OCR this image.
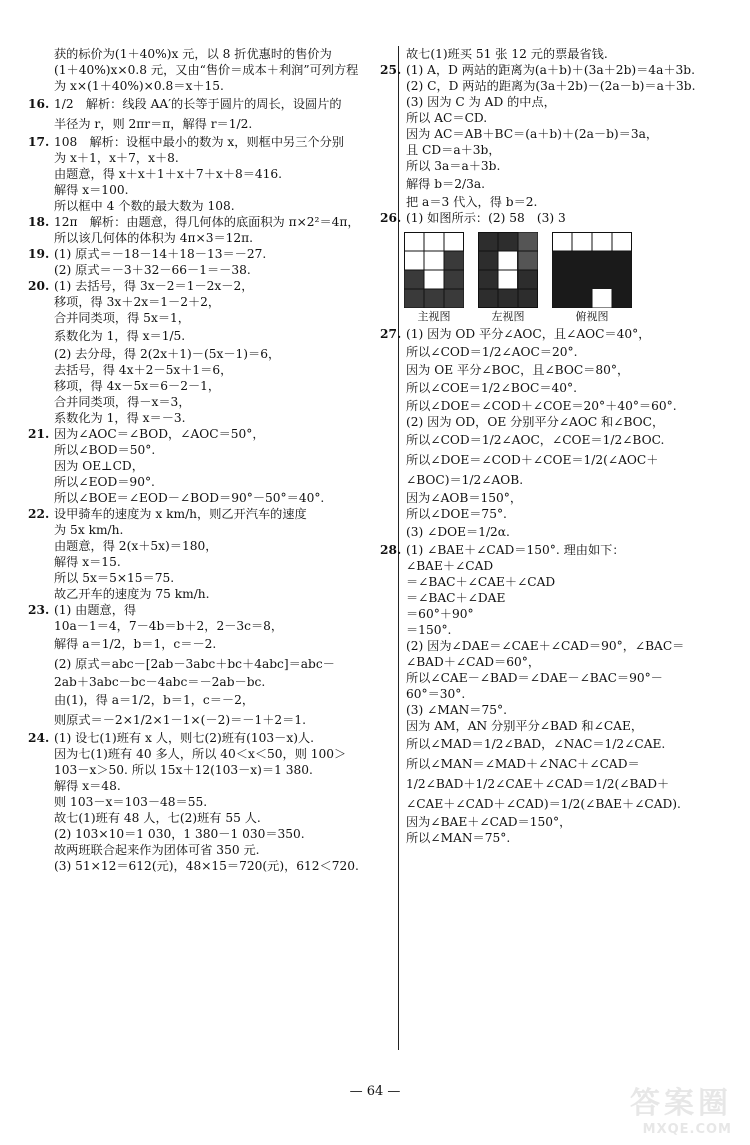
获的标价为(1＋40%)x 元，以 8 折优惠时的售价为
(1＋40%)x×0.8 元，又由“售价＝成本＋利润”可列方程
为 x×(1＋40%)×0.8＝x＋15.
16. 1/2　解析：线段 AA′的长等于圆片的周长，设圆片的
半径为 r，则 2πr＝π，解得 r＝1/2.
17. 108　解析：设框中最小的数为 x，则框中另三个分别
为 x＋1，x＋7，x＋8.
由题意，得 x＋x＋1＋x＋7＋x＋8＝416.
解得 x＝100.
所以框中 4 个数的最大数为 108.
18. 12π　解析：由题意，得几何体的底面积为 π×2²＝4π，
所以该几何体的体积为 4π×3＝12π.
19. (1) 原式＝－18－14＋18－13＝－27.
(2) 原式＝－3＋32－66－1＝－38.
20. (1) 去括号，得 3x－2＝1－2x－2，
移项，得 3x＋2x＝1－2＋2，
合并同类项，得 5x＝1，
系数化为 1，得 x＝1/5.
(2) 去分母，得 2(2x＋1)－(5x－1)＝6，
去括号，得 4x＋2－5x＋1＝6，
移项，得 4x－5x＝6－2－1，
合并同类项，得－x＝3，
系数化为 1，得 x＝－3.
21. 因为∠AOC＝∠BOD，∠AOC＝50°，
所以∠BOD＝50°.
因为 OE⊥CD，
所以∠EOD＝90°.
所以∠BOE＝∠EOD－∠BOD＝90°－50°＝40°.
22. 设甲骑车的速度为 x km/h，则乙开汽车的速度
为 5x km/h.
由题意，得 2(x＋5x)＝180，
解得 x＝15.
所以 5x＝5×15＝75.
故乙开车的速度为 75 km/h.
23. (1) 由题意，得
10a－1＝4，7－4b＝b＋2，2－3c＝8，
解得 a＝1/2，b＝1，c＝－2.
(2) 原式＝abc－[2ab－3abc＋bc＋4abc]＝abc－
2ab＋3abc－bc－4abc＝－2ab－bc.
由(1)，得 a＝1/2，b＝1，c＝－2，
则原式＝－2×1/2×1－1×(－2)＝－1＋2＝1.
24. (1) 设七(1)班有 x 人，则七(2)班有(103－x)人.
因为七(1)班有 40 多人，所以 40＜x＜50，则 100＞
103－x＞50. 所以 15x＋12(103－x)＝1 380.
解得 x＝48.
则 103－x＝103－48＝55.
故七(1)班有 48 人，七(2)班有 55 人.
(2) 103×10＝1 030，1 380－1 030＝350.
故两班联合起来作为团体可省 350 元.
(3) 51×12＝612(元)，48×15＝720(元)，612＜720.
故七(1)班买 51 张 12 元的票最省钱.
25. (1) A，D 两站的距离为(a＋b)＋(3a＋2b)＝4a＋3b.
(2) C，D 两站的距离为(3a＋2b)－(2a－b)＝a＋3b.
(3) 因为 C 为 AD 的中点，
所以 AC＝CD.
因为 AC＝AB＋BC＝(a＋b)＋(2a－b)＝3a，
且 CD＝a＋3b，
所以 3a＝a＋3b.
解得 b＝2/3a.
把 a＝3 代入，得 b＝2.
26. (1) 如图所示：(2) 58　(3) 3
主视图	左视图	俯视图
27. (1) 因为 OD 平分∠AOC，且∠AOC＝40°，
所以∠COD＝1/2∠AOC＝20°.
因为 OE 平分∠BOC，且∠BOC＝80°，
所以∠COE＝1/2∠BOC＝40°.
所以∠DOE＝∠COD＋∠COE＝20°＋40°＝60°.
(2) 因为 OD，OE 分别平分∠AOC 和∠BOC，
所以∠COD＝1/2∠AOC，∠COE＝1/2∠BOC.
所以∠DOE＝∠COD＋∠COE＝1/2(∠AOC＋
∠BOC)＝1/2∠AOB.
因为∠AOB＝150°，
所以∠DOE＝75°.
(3) ∠DOE＝1/2α.
28. (1) ∠BAE＋∠CAD＝150°. 理由如下：
∠BAE＋∠CAD
＝∠BAC＋∠CAE＋∠CAD
＝∠BAC＋∠DAE
＝60°＋90°
＝150°.
(2) 因为∠DAE＝∠CAE＋∠CAD＝90°，∠BAC＝
∠BAD＋∠CAD＝60°，
所以∠CAE－∠BAD＝∠DAE－∠BAC＝90°－
60°＝30°.
(3) ∠MAN＝75°.
因为 AM，AN 分别平分∠BAD 和∠CAE，
所以∠MAD＝1/2∠BAD，∠NAC＝1/2∠CAE.
所以∠MAN＝∠MAD＋∠NAC＋∠CAD＝
1/2∠BAD＋1/2∠CAE＋∠CAD＝1/2(∠BAD＋
∠CAE＋∠CAD＋∠CAD)＝1/2(∠BAE＋∠CAD).
因为∠BAE＋∠CAD＝150°，
所以∠MAN＝75°.
— 64 —	答案圈
MXQE.COM
